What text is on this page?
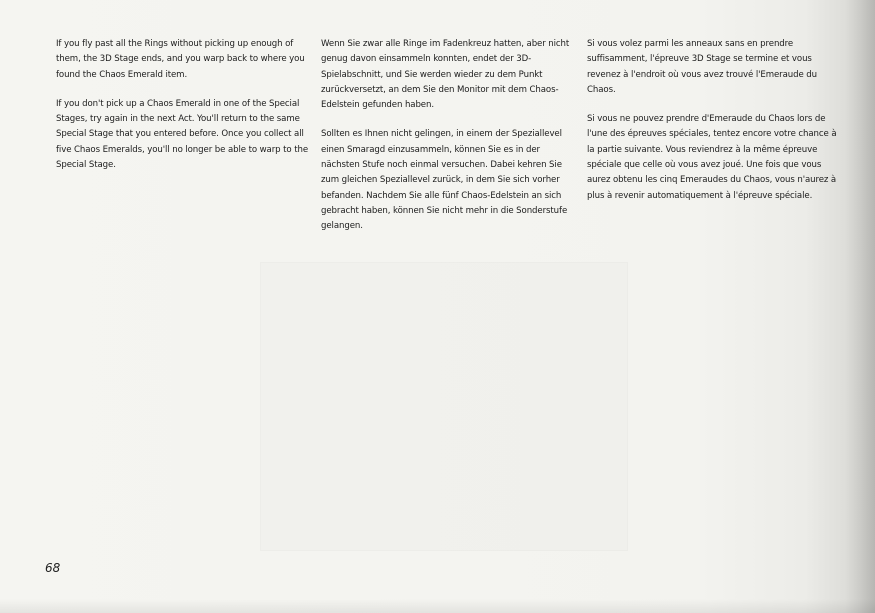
If you fly past all the Rings without picking up enough of them, the 3D Stage ends, and you warp back to where you found the Chaos Emerald item.

If you don't pick up a Chaos Emerald in one of the Special Stages, try again in the next Act. You'll return to the same Special Stage that you entered before. Once you collect all five Chaos Emeralds, you'll no longer be able to warp to the Special Stage.

Wenn Sie zwar alle Ringe im Fadenkreuz hatten, aber nicht genug davon einsammeln konnten, endet der 3D-Spielabschnitt, und Sie werden wieder zu dem Punkt zurückversetzt, an dem Sie den Monitor mit dem Chaos-Edelstein gefunden haben.

Sollten es Ihnen nicht gelingen, in einem der Speziallevel einen Smaragd einzusammeln, können Sie es in der nächsten Stufe noch einmal versuchen. Dabei kehren Sie zum gleichen Speziallevel zurück, in dem Sie sich vorher befanden. Nachdem Sie alle fünf Chaos-Edelstein an sich gebracht haben, können Sie nicht mehr in die Sonderstufe gelangen.

Si vous volez parmi les anneaux sans en prendre suffisamment, l'épreuve 3D Stage se termine et vous revenez à l'endroit où vous avez trouvé l'Emeraude du Chaos.

Si vous ne pouvez prendre d'Emeraude du Chaos lors de l'une des épreuves spéciales, tentez encore votre chance à la partie suivante. Vous reviendrez à la même épreuve spéciale que celle où vous avez joué. Une fois que vous aurez obtenu les cinq Emeraudes du Chaos, vous n'aurez à plus à revenir automatiquement à l'épreuve spéciale.

68
